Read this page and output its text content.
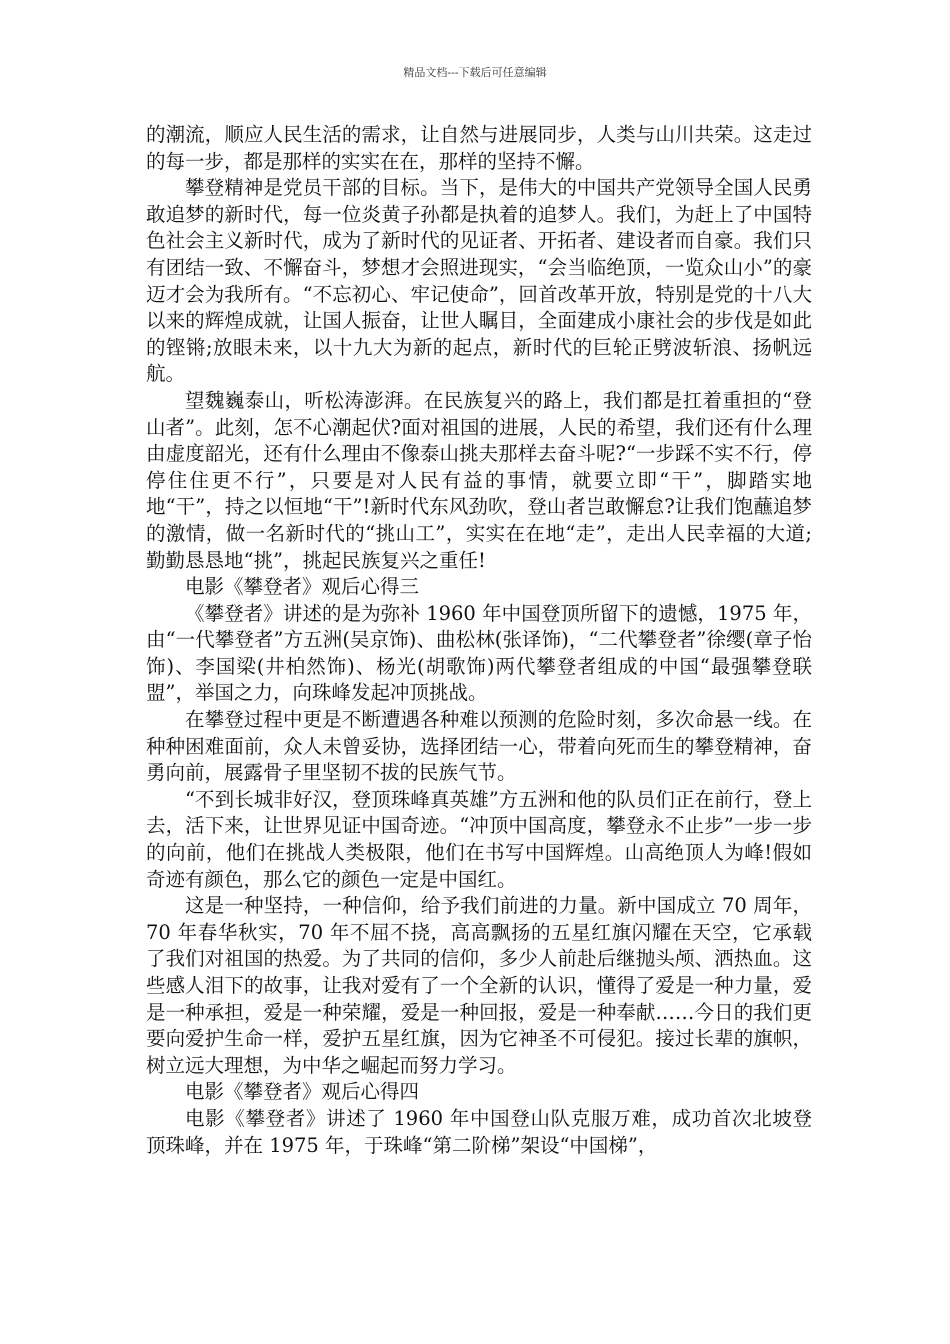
精品文档---下载后可任意编辑

的潮流，顺应人民生活的需求，让自然与进展同步，人类与山川共荣。这走过的每一步，都是那样的实实在在，那样的坚持不懈。

攀登精神是党员干部的目标。当下，是伟大的中国共产党领导全国人民勇敢追梦的新时代，每一位炎黄子孙都是执着的追梦人。我们，为赶上了中国特色社会主义新时代，成为了新时代的见证者、开拓者、建设者而自豪。我们只有团结一致、不懈奋斗，梦想才会照进现实，“会当临绝顶，一览众山小”的豪迈才会为我所有。“不忘初心、牢记使命”，回首改革开放，特别是党的十八大以来的辉煌成就，让国人振奋，让世人瞩目，全面建成小康社会的步伐是如此的铿锵;放眼未来，以十九大为新的起点，新时代的巨轮正劈波斩浪、扬帆远航。

望魏巍泰山，听松涛澎湃。在民族复兴的路上，我们都是扛着重担的“登山者”。此刻，怎不心潮起伏?面对祖国的进展，人民的希望，我们还有什么理由虚度韶光，还有什么理由不像泰山挑夫那样去奋斗呢?“一步踩不实不行，停停住住更不行”，只要是对人民有益的事情，就要立即“干”，脚踏实地地“干”，持之以恒地“干”!新时代东风劲吹，登山者岂敢懈怠?让我们饱蘸追梦的激情，做一名新时代的“挑山工”，实实在在地“走”，走出人民幸福的大道;勤勤恳恳地“挑”，挑起民族复兴之重任!

电影《攀登者》观后心得三

《攀登者》讲述的是为弥补 1960 年中国登顶所留下的遗憾，1975 年，由“一代攀登者”方五洲(吴京饰)、曲松林(张译饰)，“二代攀登者”徐缨(章子怡饰)、李国梁(井柏然饰)、杨光(胡歌饰)两代攀登者组成的中国“最强攀登联盟”，举国之力，向珠峰发起冲顶挑战。

在攀登过程中更是不断遭遇各种难以预测的危险时刻，多次命悬一线。在种种困难面前，众人未曾妥协，选择团结一心，带着向死而生的攀登精神，奋勇向前，展露骨子里坚韧不拔的民族气节。

“不到长城非好汉，登顶珠峰真英雄”方五洲和他的队员们正在前行，登上去，活下来，让世界见证中国奇迹。“冲顶中国高度，攀登永不止步”一步一步的向前，他们在挑战人类极限，他们在书写中国辉煌。山高绝顶人为峰!假如奇迹有颜色，那么它的颜色一定是中国红。

这是一种坚持，一种信仰，给予我们前进的力量。新中国成立 70 周年，70 年春华秋实，70 年不屈不挠，高高飘扬的五星红旗闪耀在天空，它承载了我们对祖国的热爱。为了共同的信仰，多少人前赴后继抛头颅、洒热血。这些感人泪下的故事，让我对爱有了一个全新的认识，懂得了爱是一种力量，爱是一种承担，爱是一种荣耀，爱是一种回报，爱是一种奉献……今日的我们更要向爱护生命一样，爱护五星红旗，因为它神圣不可侵犯。接过长辈的旗帜，树立远大理想，为中华之崛起而努力学习。

电影《攀登者》观后心得四

电影《攀登者》讲述了 1960 年中国登山队克服万难，成功首次北坡登顶珠峰，并在 1975 年，于珠峰“第二阶梯”架设“中国梯”，
